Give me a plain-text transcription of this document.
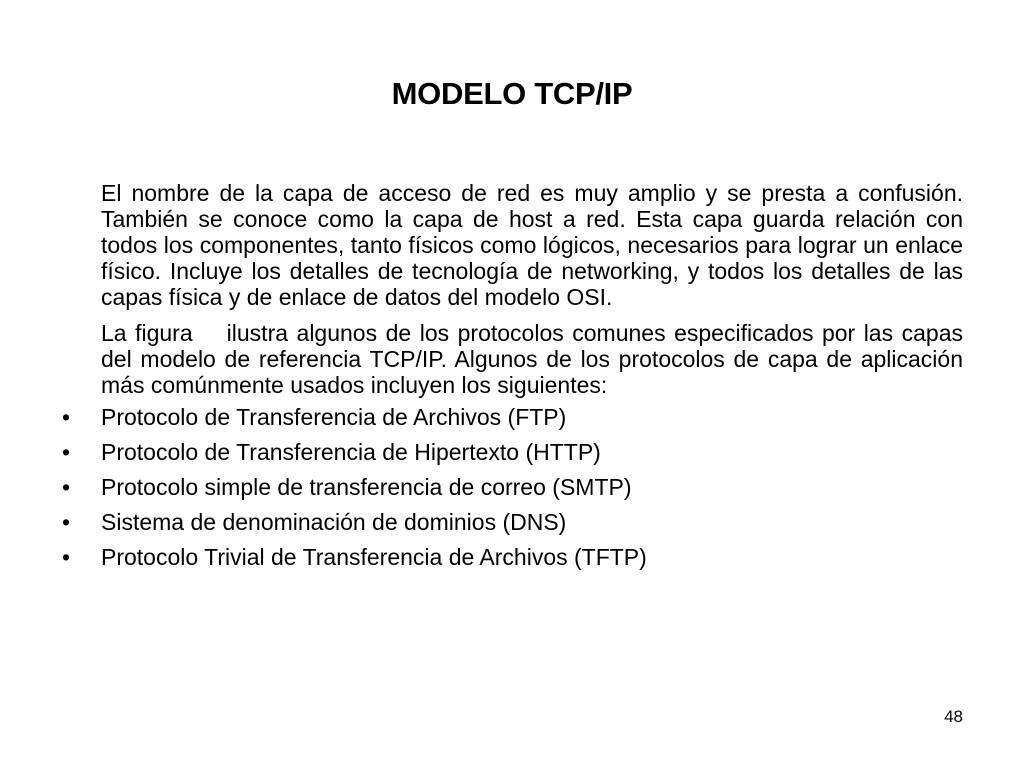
MODELO TCP/IP

El nombre de la capa de acceso de red es muy amplio y se presta a confusión. También se conoce como la capa de host a red. Esta capa guarda relación con todos los componentes, tanto físicos como lógicos, necesarios para lograr un enlace físico. Incluye los detalles de tecnología de networking, y todos los detalles de las capas física y de enlace de datos del modelo OSI.

La figura    ilustra algunos de los protocolos comunes especificados por las capas del modelo de referencia TCP/IP. Algunos de los protocolos de capa de aplicación más comúnmente usados incluyen los siguientes:

• Protocolo de Transferencia de Archivos (FTP)
• Protocolo de Transferencia de Hipertexto (HTTP)
• Protocolo simple de transferencia de correo (SMTP)
• Sistema de denominación de dominios (DNS)
• Protocolo Trivial de Transferencia de Archivos (TFTP)
48
